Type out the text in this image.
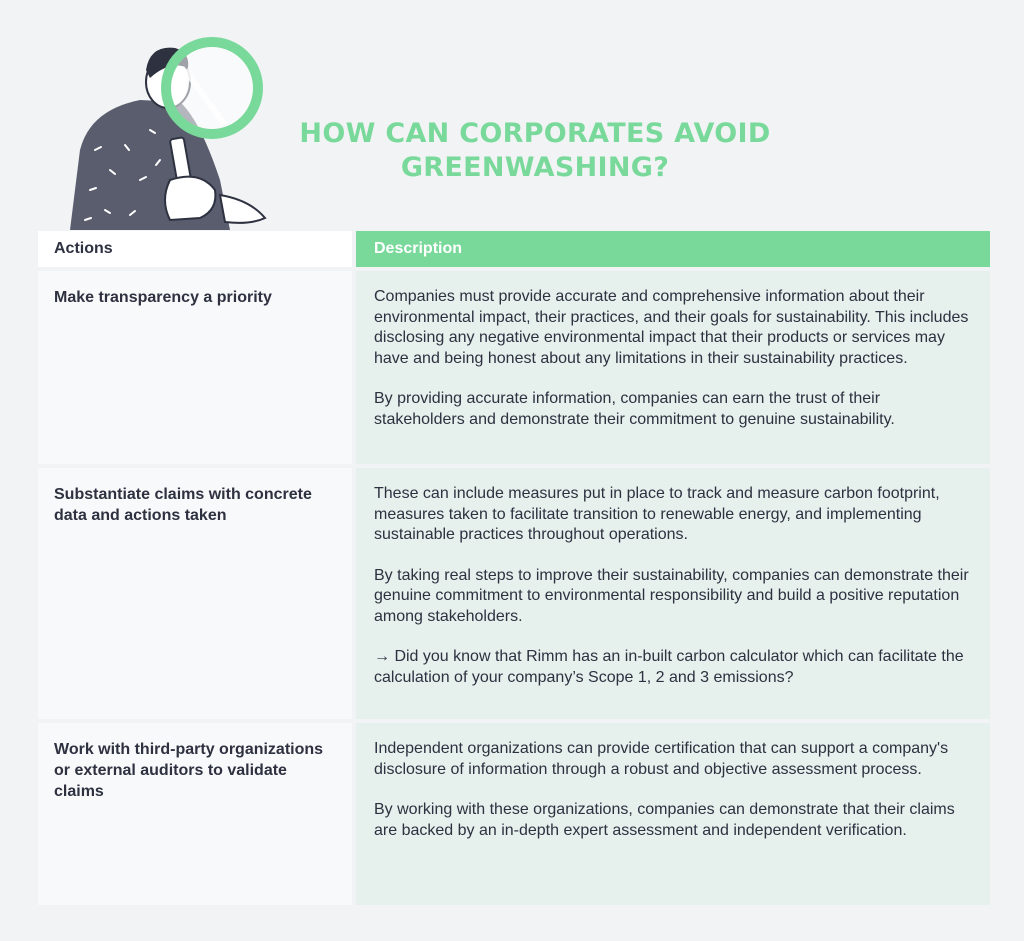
HOW CAN CORPORATES AVOID
GREENWASHING?
Actions	Description
Make transparency a priority	Companies must provide accurate and comprehensive information about their environmental impact, their practices, and their goals for sustainability. This includes disclosing any negative environmental impact that their products or services may have and being honest about any limitations in their sustainability practices.

By providing accurate information, companies can earn the trust of their stakeholders and demonstrate their commitment to genuine sustainability.

Substantiate claims with concrete data and actions taken

These can include measures put in place to track and measure carbon footprint, measures taken to facilitate transition to renewable energy, and implementing sustainable practices throughout operations.

By taking real steps to improve their sustainability, companies can demonstrate their genuine commitment to environmental responsibility and build a positive reputation among stakeholders.

→ Did you know that Rimm has an in-built carbon calculator which can facilitate the calculation of your company’s Scope 1, 2 and 3 emissions?

Work with third-party organizations or external auditors to validate claims

Independent organizations can provide certification that can support a company's disclosure of information through a robust and objective assessment process.

By working with these organizations, companies can demonstrate that their claims are backed by an in-depth expert assessment and independent verification.
